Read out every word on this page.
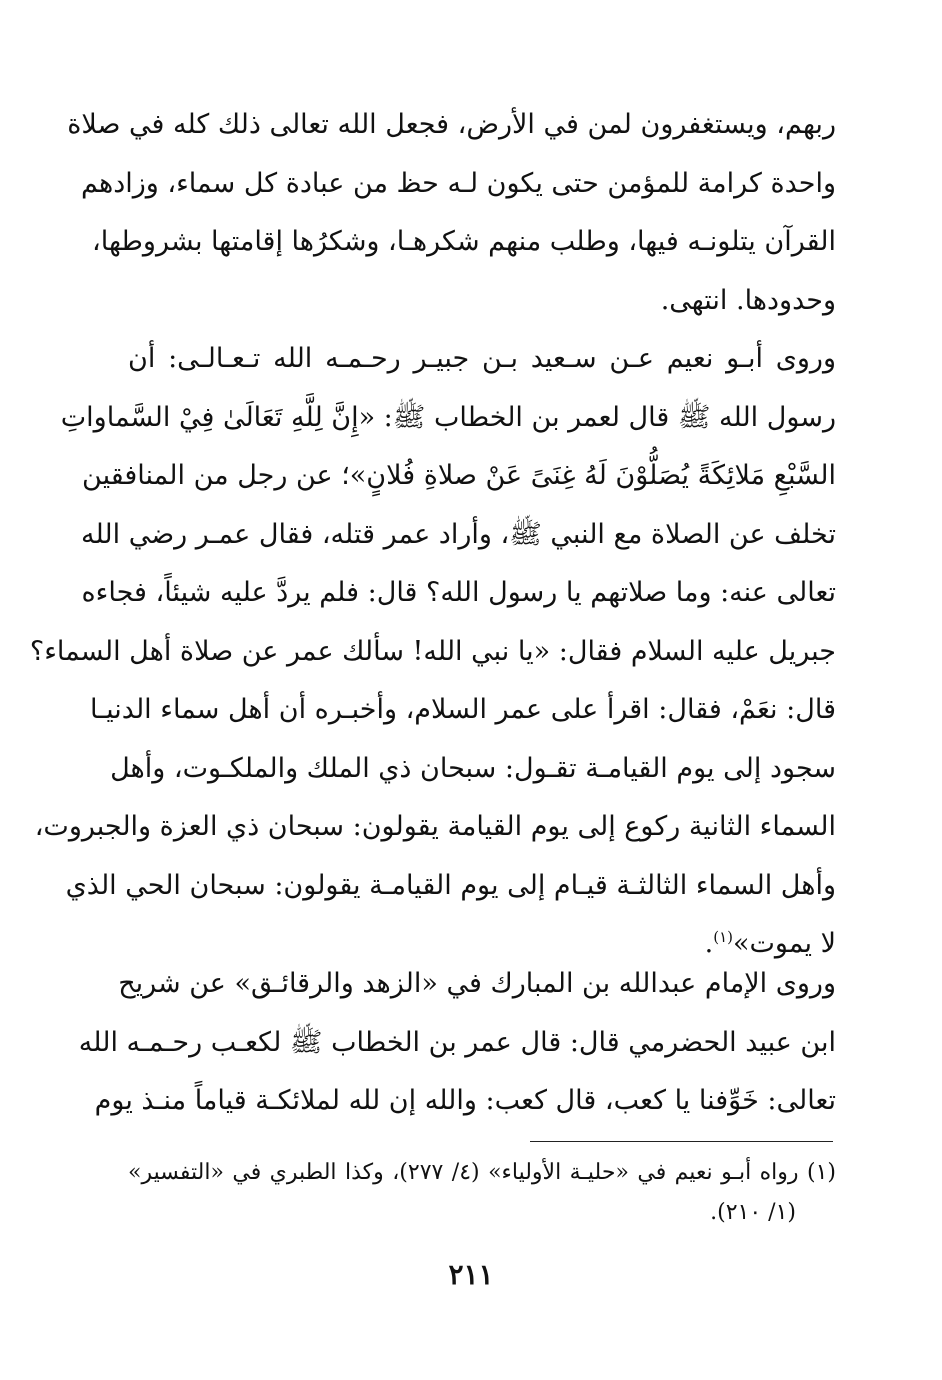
ربهم، ويستغفرون لمن في الأرض، فجعل الله تعالى ذلك كله في صلاة
واحدة كرامة للمؤمن حتى يكون لـه حظ من عبادة كل سماء، وزادهم
القرآن يتلونـه فيها، وطلب منهم شكرهـا، وشكرُها إقامتها بشروطها،
وحدودها. انتهى.

وروى أبـو نعيم عـن سـعيد بـن جبيـر رحـمـه الله تـعـالـى: أن
رسول الله ﷺ قال لعمر بن الخطاب ﷺ: «إِنَّ لِلَّهِ تَعَالَىٰ فِيْ السَّماواتِ
السَّبْعِ مَلائِكَةً يُصَلُّوْنَ لَهُ غِنَىً عَنْ صلاةِ فُلانٍ»؛ عن رجل من المنافقين
تخلف عن الصلاة مع النبي ﷺ، وأراد عمر قتله، فقال عمـر رضي الله
تعالى عنه: وما صلاتهم يا رسول الله؟ قال: فلم يردَّ عليه شيئاً، فجاءه
جبريل عليه السلام فقال: «يا نبي الله! سألك عمر عن صلاة أهل السماء؟
قال: نعَمْ، فقال: اقرأ على عمر السلام، وأخبـره أن أهل سماء الدنيـا
سجود إلى يوم القيامـة تقـول: سبحان ذي الملك والملكـوت، وأهل
السماء الثانية ركوع إلى يوم القيامة يقولون: سبحان ذي العزة والجبروت،
وأهل السماء الثالثـة قيـام إلى يوم القيامـة يقولون: سبحان الحي الذي
لا يموت»$^{(١)}$.

وروى الإمام عبدالله بن المبارك في «الزهد والرقائـق» عن شريح
ابن عبيد الحضرمي قال: قال عمر بن الخطاب ﷺ لكعـب رحـمـه الله
تعالى: خَوِّفنا يا كعب، قال كعب: والله إن لله لملائكـة قياماً منـذ يوم

(١) رواه أبـو نعيم في «حليـة الأولياء» (٤/ ٢٧٧)، وكذا الطبري في «التفسير»
(١/ ٢١٠).

٢١١
